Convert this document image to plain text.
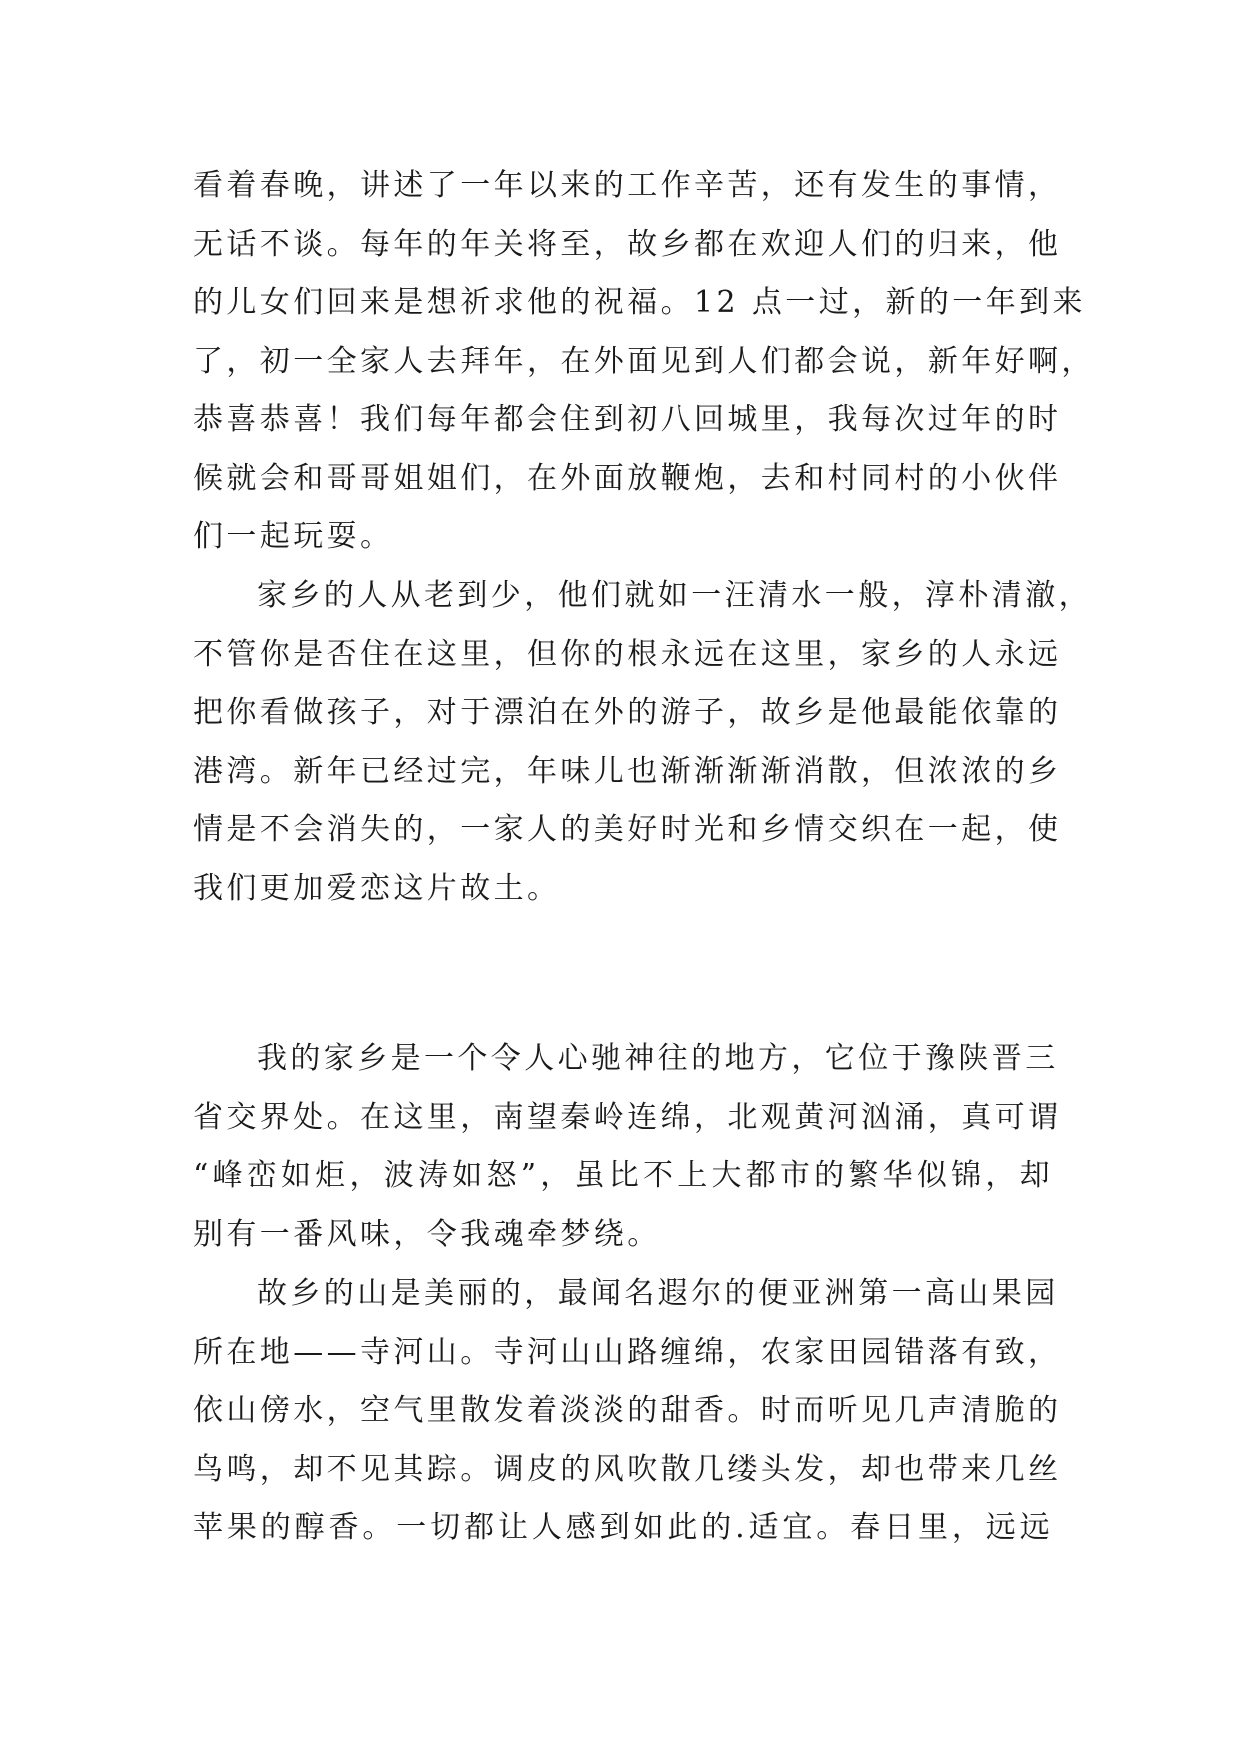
看着春晚，讲述了一年以来的工作辛苦，还有发生的事情，
无话不谈。每年的年关将至，故乡都在欢迎人们的归来，他
的儿女们回来是想祈求他的祝福。12 点一过，新的一年到来
了，初一全家人去拜年，在外面见到人们都会说，新年好啊，
恭喜恭喜！我们每年都会住到初八回城里，我每次过年的时
候就会和哥哥姐姐们，在外面放鞭炮，去和村同村的小伙伴
们一起玩耍。
家乡的人从老到少，他们就如一汪清水一般，淳朴清澈，
不管你是否住在这里，但你的根永远在这里，家乡的人永远
把你看做孩子，对于漂泊在外的游子，故乡是他最能依靠的
港湾。新年已经过完，年味儿也渐渐渐渐消散，但浓浓的乡
情是不会消失的，一家人的美好时光和乡情交织在一起，使
我们更加爱恋这片故土。
我的家乡是一个令人心驰神往的地方，它位于豫陕晋三
省交界处。在这里，南望秦岭连绵，北观黄河汹涌，真可谓
“峰峦如炬，波涛如怒”，虽比不上大都市的繁华似锦，却
别有一番风味，令我魂牵梦绕。
故乡的山是美丽的，最闻名遐尔的便亚洲第一高山果园
所在地——寺河山。寺河山山路缠绵，农家田园错落有致，
依山傍水，空气里散发着淡淡的甜香。时而听见几声清脆的
鸟鸣，却不见其踪。调皮的风吹散几缕头发，却也带来几丝
苹果的醇香。一切都让人感到如此的.适宜。春日里，远远
